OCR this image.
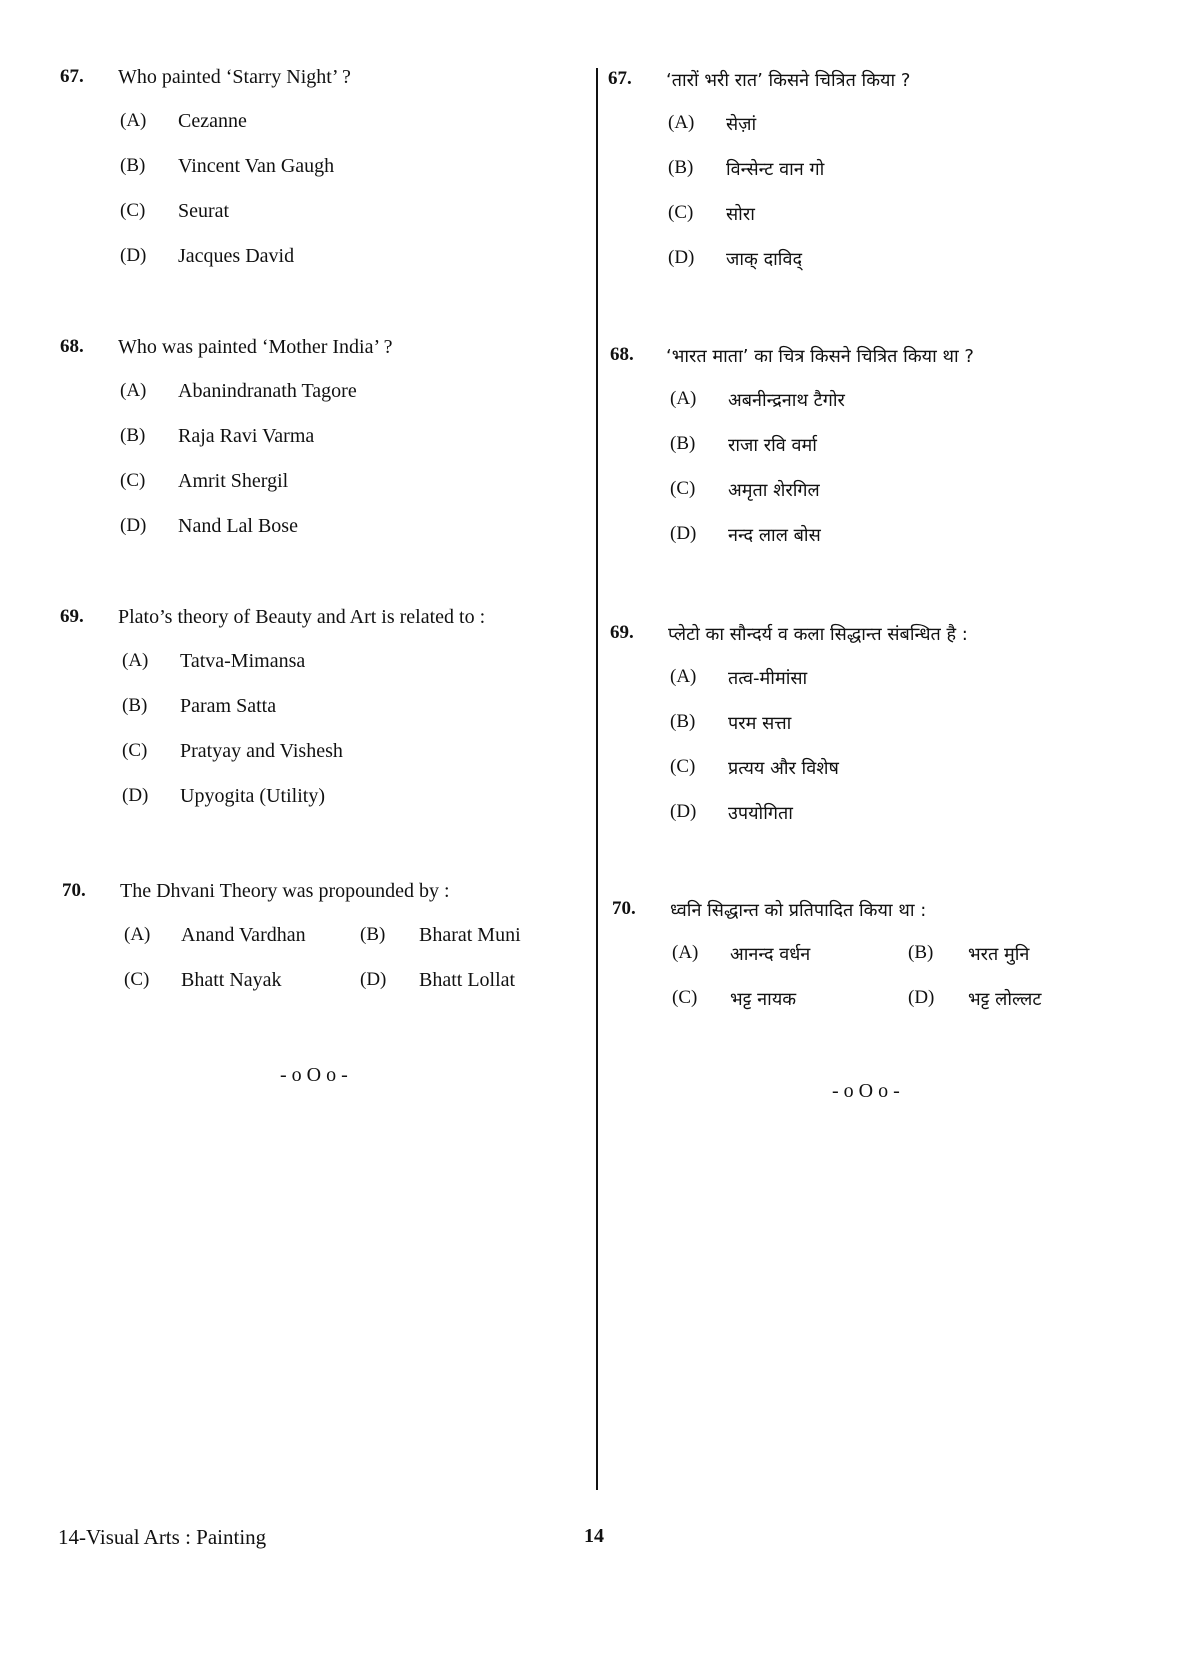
67. Who painted ‘Starry Night’ ?
(A) Cezanne
(B) Vincent Van Gaugh
(C) Seurat
(D) Jacques David
68. Who was painted ‘Mother India’ ?
(A) Abanindranath Tagore
(B) Raja Ravi Varma
(C) Amrit Shergil
(D) Nand Lal Bose
69. Plato’s theory of Beauty and Art is related to :
(A) Tatva-Mimansa
(B) Param Satta
(C) Pratyay and Vishesh
(D) Upyogita (Utility)
70. The Dhvani Theory was propounded by :
(A) Anand Vardhan	(B) Bharat Muni
(C) Bhatt Nayak	(D) Bhatt Lollat
- o O o -
67. ‘तारों भरी रात’ किसने चित्रित किया ?
(A) सेज़ां
(B) विन्सेन्ट वान गो
(C) सोरा
(D) जाक् दाविद्
68. ‘भारत माता’ का चित्र किसने चित्रित किया था ?
(A) अबनीन्द्रनाथ टैगोर
(B) राजा रवि वर्मा
(C) अमृता शेरगिल
(D) नन्द लाल बोस
69. प्लेटो का सौन्दर्य व कला सिद्धान्त संबन्धित है :
(A) तत्व-मीमांसा
(B) परम सत्ता
(C) प्रत्यय और विशेष
(D) उपयोगिता
70. ध्वनि सिद्धान्त को प्रतिपादित किया था :
(A) आनन्द वर्धन	(B) भरत मुनि
(C) भट्ट नायक	(D) भट्ट लोल्लट
- o O o -
14-Visual Arts : Painting	14
